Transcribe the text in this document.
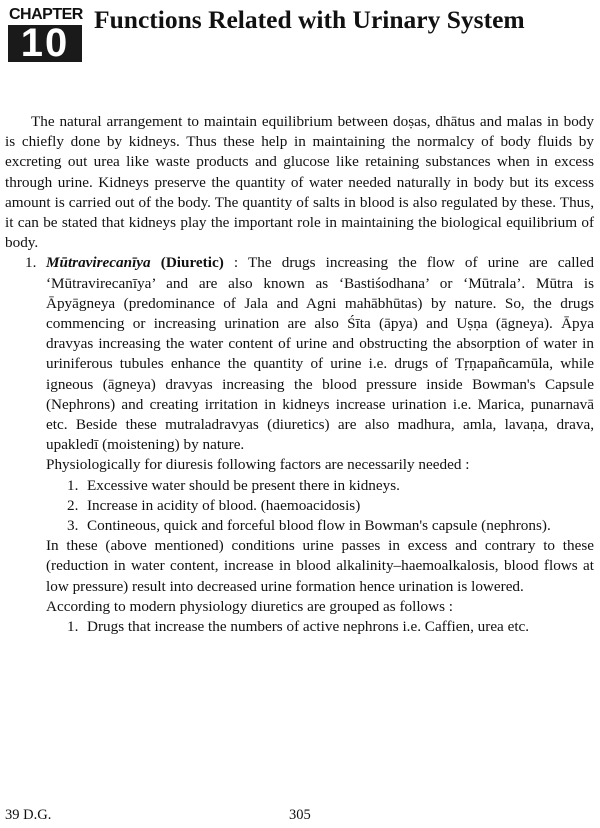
CHAPTER
10
Functions Related with Urinary System

The natural arrangement to maintain equilibrium between doṣas, dhātus and malas in body is chiefly done by kidneys. Thus these help in maintaining the normalcy of body fluids by excreting out urea like waste products and glucose like retaining substances when in excess through urine. Kidneys preserve the quantity of water needed naturally in body but its excess amount is carried out of the body. The quantity of salts in blood is also regulated by these. Thus, it can be stated that kidneys play the important role in maintaining the biological equilibrium of body.

1. Mūtravirecanīya (Diuretic) : The drugs increasing the flow of urine are called ‘Mūtravirecanīya’ and are also known as ‘Bastiśodhana’ or ‘Mūtrala’. Mūtra is Āpyāgneya (predominance of Jala and Agni mahābhūtas) by nature. So, the drugs commencing or increasing urination are also Śīta (āpya) and Uṣṇa (āgneya). Āpya dravyas increasing the water content of urine and obstructing the absorption of water in uriniferous tubules enhance the quantity of urine i.e. drugs of Tṛṇapañcamūla, while igneous (āgneya) dravyas increasing the blood pressure inside Bowman's Capsule (Nephrons) and creating irritation in kidneys increase urination i.e. Marica, punarnavā etc. Beside these mutraladravyas (diuretics) are also madhura, amla, lavaṇa, drava, upakledī (moistening) by nature.

Physiologically for diuresis following factors are necessarily needed :

1. Excessive water should be present there in kidneys.
2. Increase in acidity of blood. (haemoacidosis)
3. Contineous, quick and forceful blood flow in Bowman's capsule (nephrons).

In these (above mentioned) conditions urine passes in excess and contrary to these (reduction in water content, increase in blood alkalinity–haemoalkalosis, blood flows at low pressure) result into decreased urine formation hence urination is lowered.

According to modern physiology diuretics are grouped as follows :

1. Drugs that increase the numbers of active nephrons i.e. Caffien, urea etc.
39 D.G.	305
